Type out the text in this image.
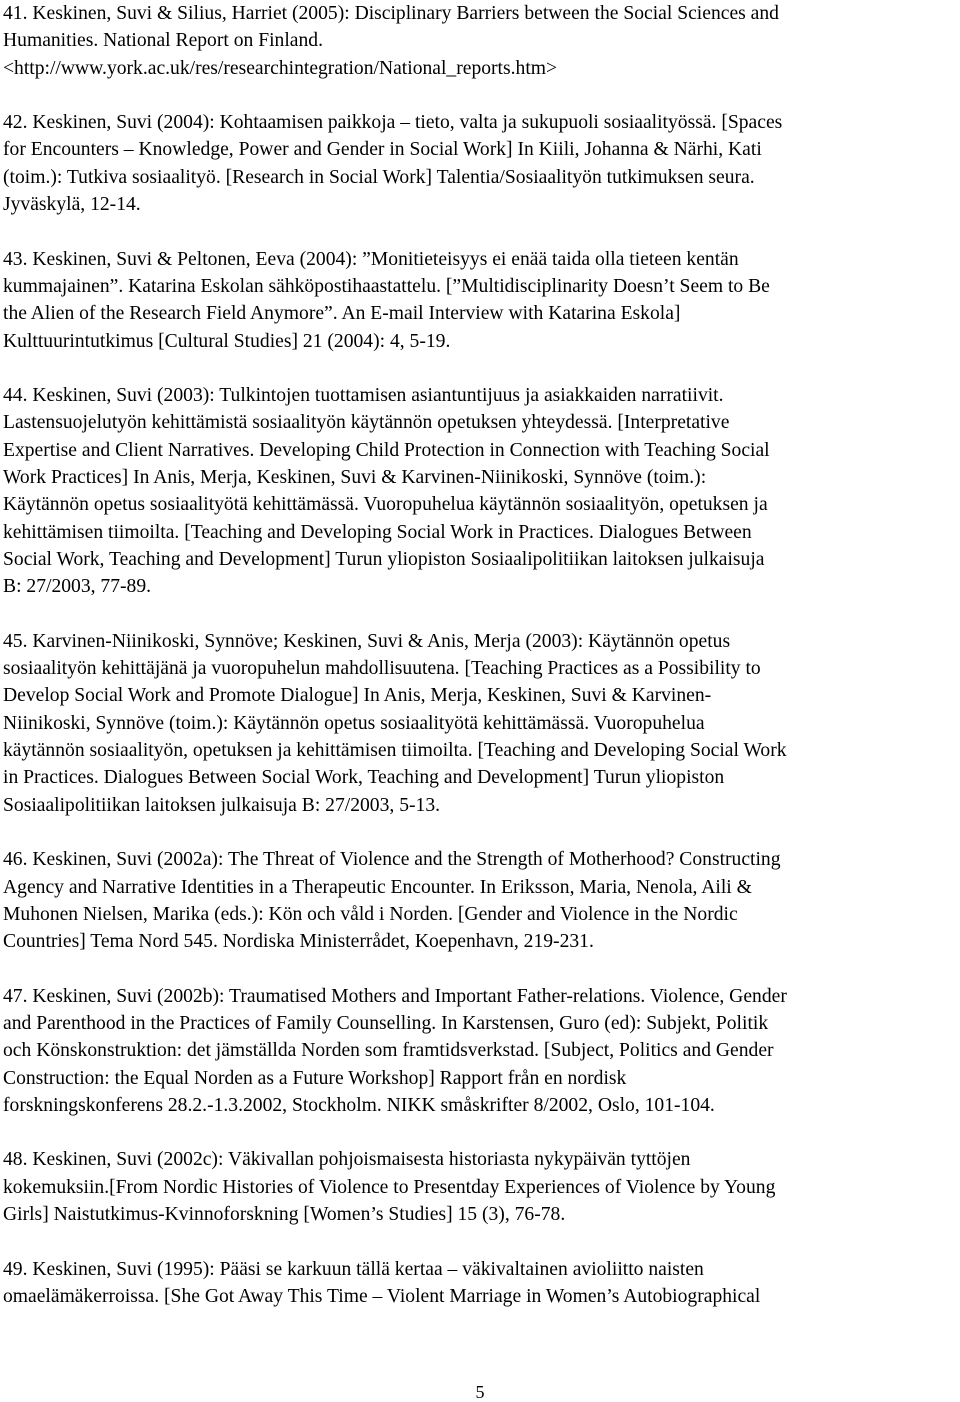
41. Keskinen, Suvi & Silius, Harriet (2005): Disciplinary Barriers between the Social Sciences and
Humanities. National Report on Finland.
<http://www.york.ac.uk/res/researchintegration/National_reports.htm>

42. Keskinen, Suvi (2004): Kohtaamisen paikkoja – tieto, valta ja sukupuoli sosiaalityössä. [Spaces
for Encounters – Knowledge, Power and Gender in Social Work] In Kiili, Johanna & Närhi, Kati
(toim.): Tutkiva sosiaalityö. [Research in Social Work] Talentia/Sosiaalityön tutkimuksen seura.
Jyväskylä, 12-14.

43. Keskinen, Suvi & Peltonen, Eeva (2004): ”Monitieteisyys ei enää taida olla tieteen kentän
kummajainen”. Katarina Eskolan sähköpostihaastattelu. [”Multidisciplinarity Doesn’t Seem to Be
the Alien of the Research Field Anymore”. An E-mail Interview with Katarina Eskola]
Kulttuurintutkimus [Cultural Studies] 21 (2004): 4, 5-19.

44. Keskinen, Suvi (2003): Tulkintojen tuottamisen asiantuntijuus ja asiakkaiden narratiivit.
Lastensuojelutyön kehittämistä sosiaalityön käytännön opetuksen yhteydessä. [Interpretative
Expertise and Client Narratives. Developing Child Protection in Connection with Teaching Social
Work Practices] In Anis, Merja, Keskinen, Suvi & Karvinen-Niinikoski, Synnöve (toim.):
Käytännön opetus sosiaalityötä kehittämässä. Vuoropuhelua käytännön sosiaalityön, opetuksen ja
kehittämisen tiimoilta. [Teaching and Developing Social Work in Practices. Dialogues Between
Social Work, Teaching and Development] Turun yliopiston Sosiaalipolitiikan laitoksen julkaisuja
B: 27/2003, 77-89.

45. Karvinen-Niinikoski, Synnöve; Keskinen, Suvi & Anis, Merja (2003): Käytännön opetus
sosiaalityön kehittäjänä ja vuoropuhelun mahdollisuutena. [Teaching Practices as a Possibility to
Develop Social Work and Promote Dialogue] In Anis, Merja, Keskinen, Suvi & Karvinen-
Niinikoski, Synnöve (toim.): Käytännön opetus sosiaalityötä kehittämässä. Vuoropuhelua
käytännön sosiaalityön, opetuksen ja kehittämisen tiimoilta. [Teaching and Developing Social Work
in Practices. Dialogues Between Social Work, Teaching and Development] Turun yliopiston
Sosiaalipolitiikan laitoksen julkaisuja B: 27/2003, 5-13.

46. Keskinen, Suvi (2002a): The Threat of Violence and the Strength of Motherhood? Constructing
Agency and Narrative Identities in a Therapeutic Encounter. In Eriksson, Maria, Nenola, Aili &
Muhonen Nielsen, Marika (eds.): Kön och våld i Norden. [Gender and Violence in the Nordic
Countries] Tema Nord 545. Nordiska Ministerrådet, Koepenhavn, 219-231.

47. Keskinen, Suvi (2002b): Traumatised Mothers and Important Father-relations. Violence, Gender
and Parenthood in the Practices of Family Counselling. In Karstensen, Guro (ed): Subjekt, Politik
och Könskonstruktion: det jämställda Norden som framtidsverkstad. [Subject, Politics and Gender
Construction: the Equal Norden as a Future Workshop] Rapport från en nordisk
forskningskonferens 28.2.-1.3.2002, Stockholm. NIKK småskrifter 8/2002, Oslo, 101-104.

48. Keskinen, Suvi (2002c): Väkivallan pohjoismaisesta historiasta nykypäivän tyttöjen
kokemuksiin.[From Nordic Histories of Violence to Presentday Experiences of Violence by Young
Girls] Naistutkimus-Kvinnoforskning [Women’s Studies] 15 (3), 76-78.

49. Keskinen, Suvi (1995): Pääsi se karkuun tällä kertaa – väkivaltainen avioliitto naisten
omaelämäkerroissa. [She Got Away This Time – Violent Marriage in Women’s Autobiographical

5
